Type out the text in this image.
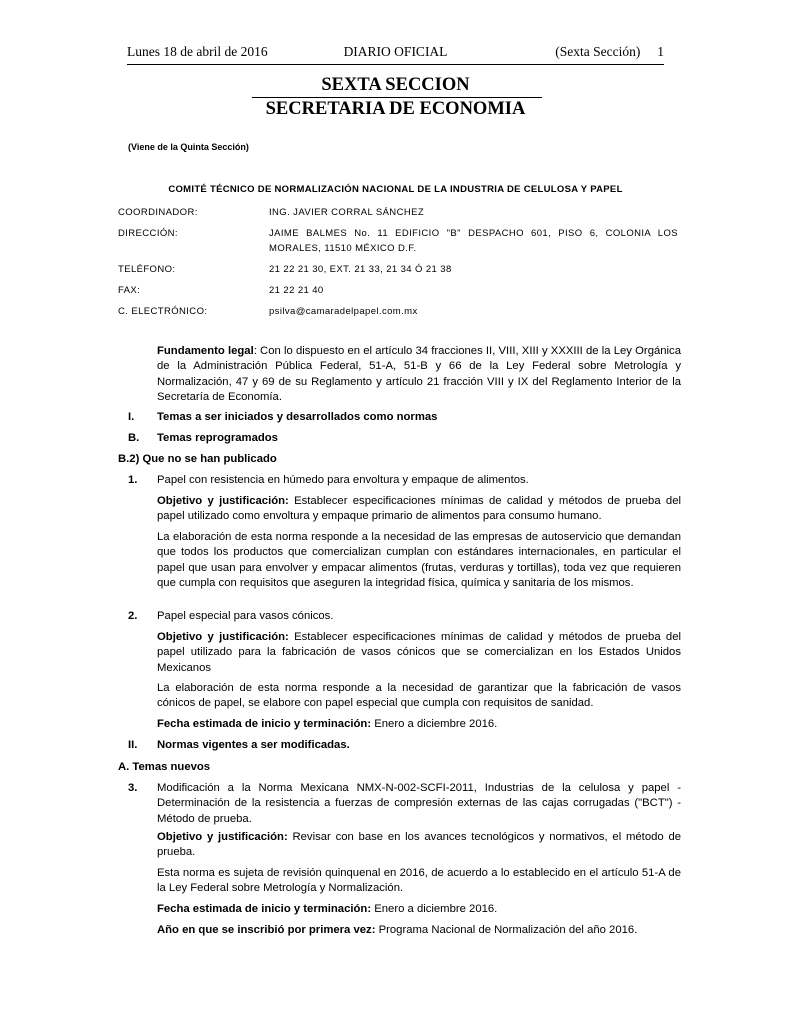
Lunes 18 de abril de 2016	DIARIO OFICIAL	(Sexta Sección) 1
SEXTA SECCION
SECRETARIA DE ECONOMIA
(Viene de la Quinta Sección)
COMITÉ TÉCNICO DE NORMALIZACIÓN NACIONAL DE LA INDUSTRIA DE CELULOSA Y PAPEL
COORDINADOR:	ING. JAVIER CORRAL SÁNCHEZ
DIRECCIÓN:	JAIME BALMES No. 11 EDIFICIO "B" DESPACHO 601, PISO 6, COLONIA LOS MORALES, 11510 MÉXICO D.F.
TELÉFONO:	21 22 21 30, EXT. 21 33, 21 34 Ó 21 38
FAX:	21 22 21 40
C. ELECTRÓNICO:	psilva@camaradelpapel.com.mx
Fundamento legal: Con lo dispuesto en el artículo 34 fracciones II, VIII, XIII y XXXIII de la Ley Orgánica de la Administración Pública Federal, 51-A, 51-B y 66 de la Ley Federal sobre Metrología y Normalización, 47 y 69 de su Reglamento y artículo 21 fracción VIII y IX del Reglamento Interior de la Secretaría de Economía.
I. Temas a ser iniciados y desarrollados como normas
B. Temas reprogramados
B.2) Que no se han publicado
1. Papel con resistencia en húmedo para envoltura y empaque de alimentos.
Objetivo y justificación: Establecer especificaciones mínimas de calidad y métodos de prueba del papel utilizado como envoltura y empaque primario de alimentos para consumo humano.
La elaboración de esta norma responde a la necesidad de las empresas de autoservicio que demandan que todos los productos que comercializan cumplan con estándares internacionales, en particular el papel que usan para envolver y empacar alimentos (frutas, verduras y tortillas), toda vez que requieren que cumpla con requisitos que aseguren la integridad física, química y sanitaria de los mismos.
2. Papel especial para vasos cónicos.
Objetivo y justificación: Establecer especificaciones mínimas de calidad y métodos de prueba del papel utilizado para la fabricación de vasos cónicos que se comercializan en los Estados Unidos Mexicanos
La elaboración de esta norma responde a la necesidad de garantizar que la fabricación de vasos cónicos de papel, se elabore con papel especial que cumpla con requisitos de sanidad.
Fecha estimada de inicio y terminación: Enero a diciembre 2016.
II. Normas vigentes a ser modificadas.
A. Temas nuevos
3. Modificación a la Norma Mexicana NMX-N-002-SCFI-2011, Industrias de la celulosa y papel - Determinación de la resistencia a fuerzas de compresión externas de las cajas corrugadas ("BCT") - Método de prueba.
Objetivo y justificación: Revisar con base en los avances tecnológicos y normativos, el método de prueba.
Esta norma es sujeta de revisión quinquenal en 2016, de acuerdo a lo establecido en el artículo 51-A de la Ley Federal sobre Metrología y Normalización.
Fecha estimada de inicio y terminación: Enero a diciembre 2016.
Año en que se inscribió por primera vez: Programa Nacional de Normalización del año 2016.
